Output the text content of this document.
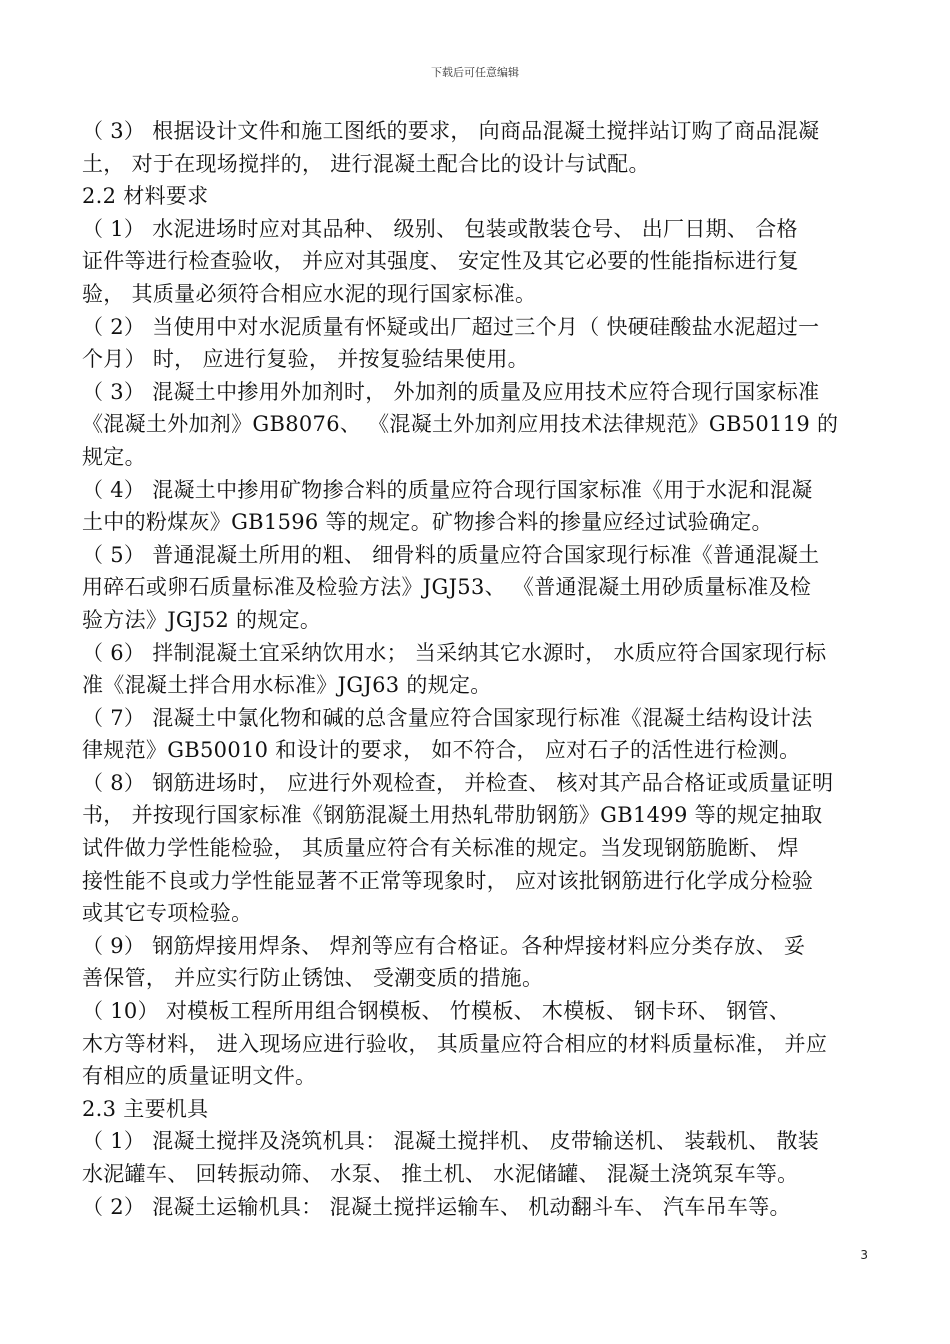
下载后可任意编辑
（ 3） 根据设计文件和施工图纸的要求， 向商品混凝土搅拌站订购了商品混凝
土， 对于在现场搅拌的， 进行混凝土配合比的设计与试配。
2.2 材料要求
（ 1） 水泥进场时应对其品种、 级别、 包装或散装仓号、 出厂日期、 合格
证件等进行检查验收， 并应对其强度、 安定性及其它必要的性能指标进行复
验， 其质量必须符合相应水泥的现行国家标准。
（ 2） 当使用中对水泥质量有怀疑或出厂超过三个月（ 快硬硅酸盐水泥超过一
个月） 时， 应进行复验， 并按复验结果使用。
（ 3） 混凝土中掺用外加剂时， 外加剂的质量及应用技术应符合现行国家标准
《混凝土外加剂》GB8076、 《混凝土外加剂应用技术法律规范》GB50119 的
规定。
（ 4） 混凝土中掺用矿物掺合料的质量应符合现行国家标准《用于水泥和混凝
土中的粉煤灰》GB1596 等的规定。矿物掺合料的掺量应经过试验确定。
（ 5） 普通混凝土所用的粗、 细骨料的质量应符合国家现行标准《普通混凝土
用碎石或卵石质量标准及检验方法》JGJ53、 《普通混凝土用砂质量标准及检
验方法》JGJ52 的规定。
（ 6） 拌制混凝土宜采纳饮用水； 当采纳其它水源时， 水质应符合国家现行标
准《混凝土拌合用水标准》JGJ63 的规定。
（ 7） 混凝土中氯化物和碱的总含量应符合国家现行标准《混凝土结构设计法
律规范》GB50010 和设计的要求， 如不符合， 应对石子的活性进行检测。
（ 8） 钢筋进场时， 应进行外观检查， 并检查、 核对其产品合格证或质量证明
书， 并按现行国家标准《钢筋混凝土用热轧带肋钢筋》GB1499 等的规定抽取
试件做力学性能检验， 其质量应符合有关标准的规定。当发现钢筋脆断、 焊
接性能不良或力学性能显著不正常等现象时， 应对该批钢筋进行化学成分检验
或其它专项检验。
（ 9） 钢筋焊接用焊条、 焊剂等应有合格证。各种焊接材料应分类存放、 妥
善保管， 并应实行防止锈蚀、 受潮变质的措施。
（ 10） 对模板工程所用组合钢模板、 竹模板、 木模板、 钢卡环、 钢管、
木方等材料， 进入现场应进行验收， 其质量应符合相应的材料质量标准， 并应
有相应的质量证明文件。
2.3 主要机具
（ 1） 混凝土搅拌及浇筑机具： 混凝土搅拌机、 皮带输送机、 装载机、 散装
水泥罐车、 回转振动筛、 水泵、 推土机、 水泥储罐、 混凝土浇筑泵车等。
（ 2） 混凝土运输机具： 混凝土搅拌运输车、 机动翻斗车、 汽车吊车等。
3
